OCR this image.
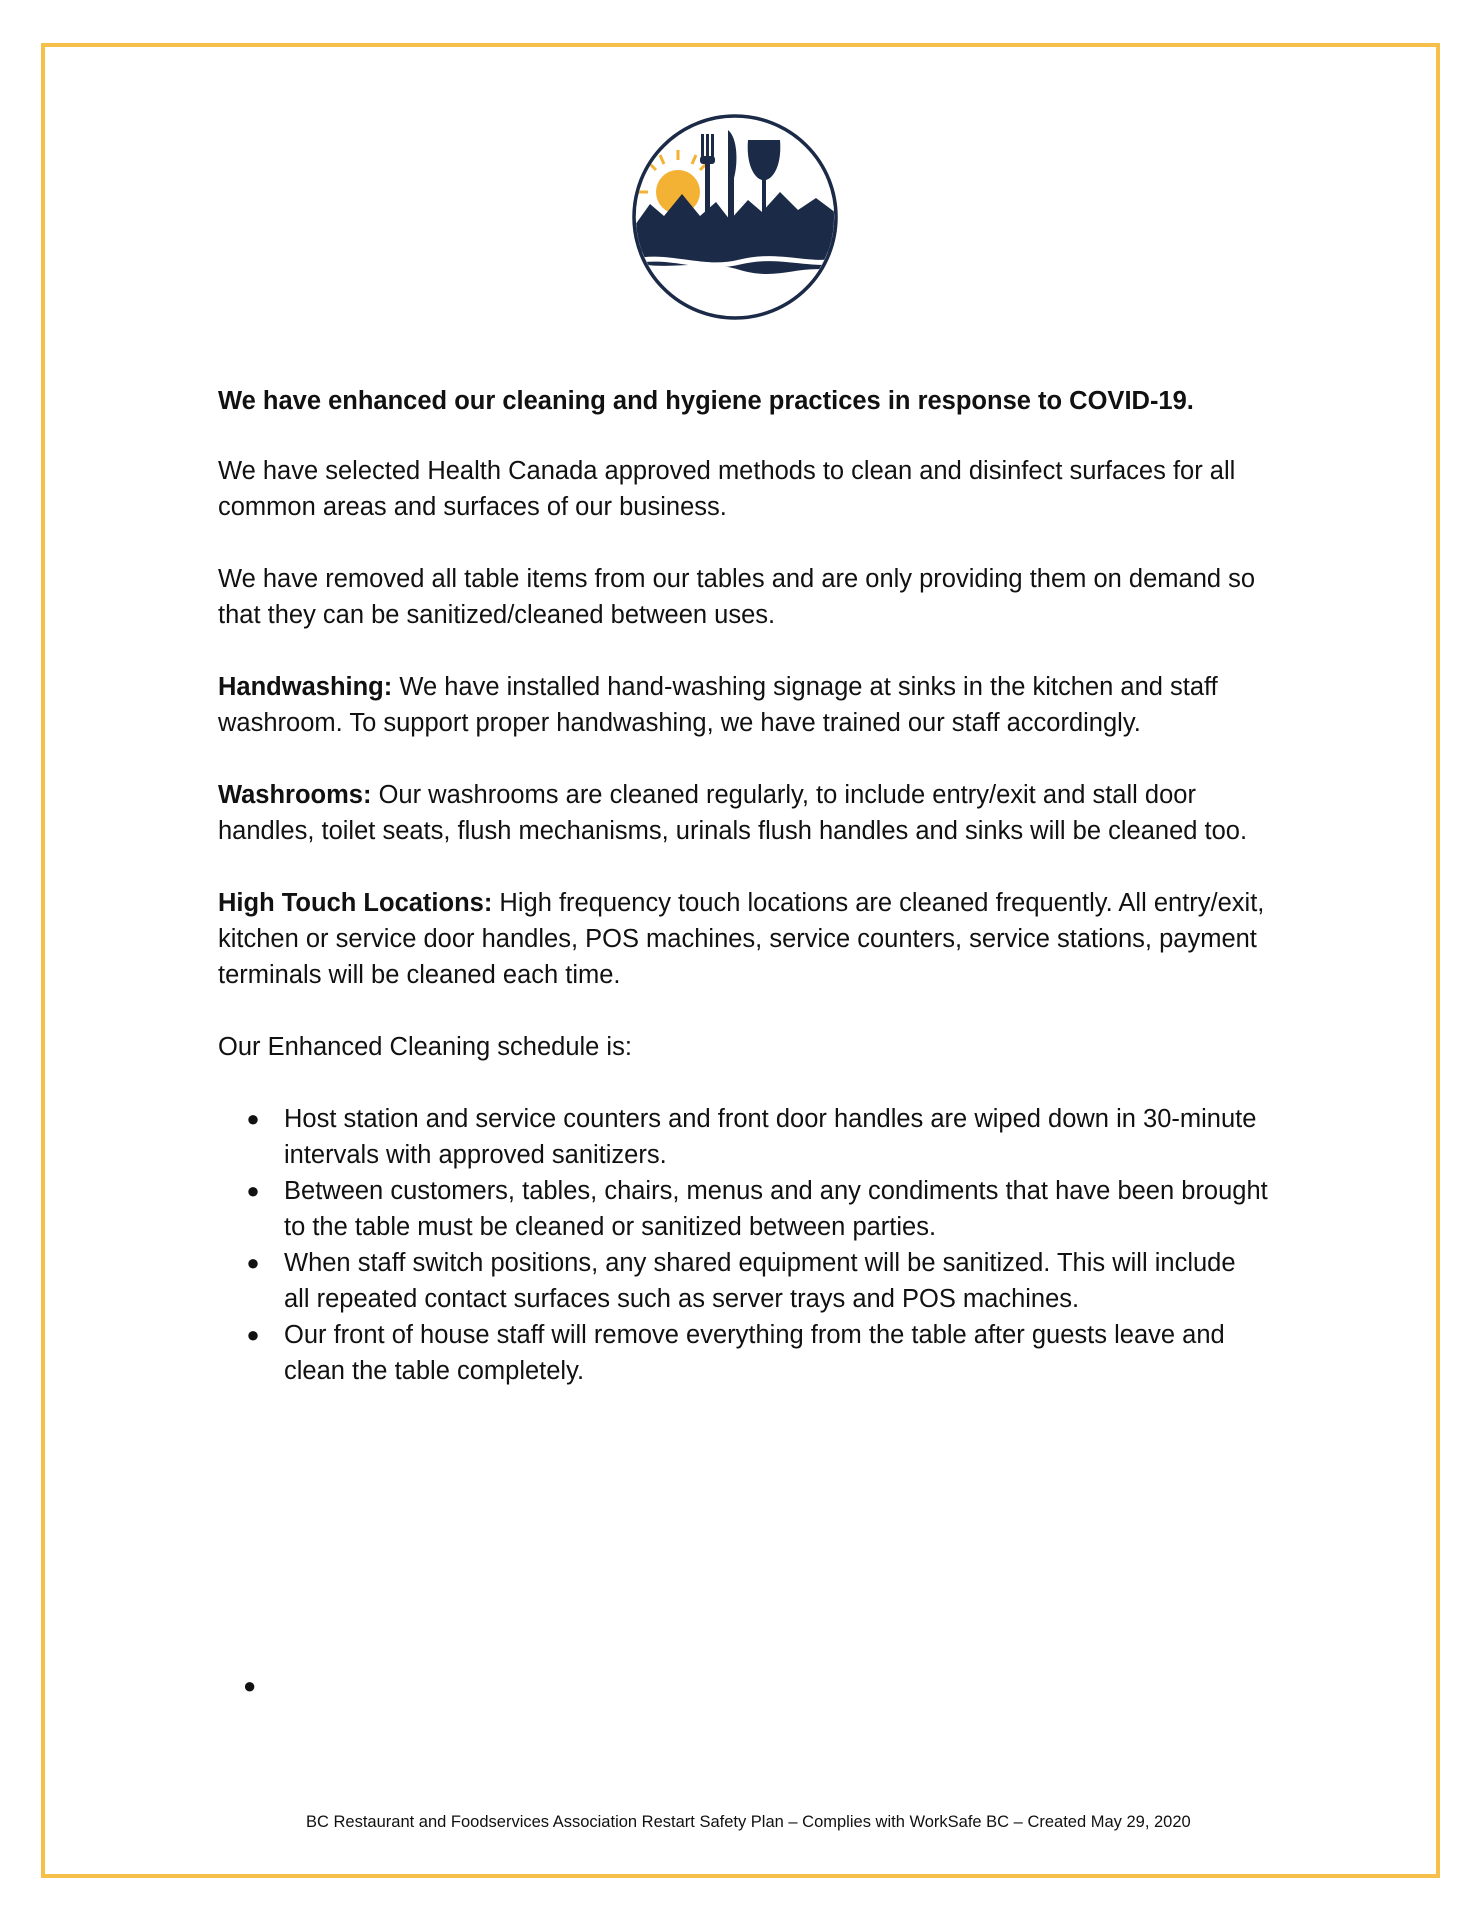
We have enhanced our cleaning and hygiene practices in response to COVID-19.

We have selected Health Canada approved methods to clean and disinfect surfaces for all common areas and surfaces of our business.

We have removed all table items from our tables and are only providing them on demand so that they can be sanitized/cleaned between uses.

Handwashing: We have installed hand-washing signage at sinks in the kitchen and staff washroom. To support proper handwashing, we have trained our staff accordingly.

Washrooms: Our washrooms are cleaned regularly, to include entry/exit and stall door handles, toilet seats, flush mechanisms, urinals flush handles and sinks will be cleaned too.

High Touch Locations: High frequency touch locations are cleaned frequently. All entry/exit, kitchen or service door handles, POS machines, service counters, service stations, payment terminals will be cleaned each time.

Our Enhanced Cleaning schedule is:

● Host station and service counters and front door handles are wiped down in 30-minute intervals with approved sanitizers.
● Between customers, tables, chairs, menus and any condiments that have been brought to the table must be cleaned or sanitized between parties.
● When staff switch positions, any shared equipment will be sanitized. This will include all repeated contact surfaces such as server trays and POS machines.
● Our front of house staff will remove everything from the table after guests leave and clean the table completely.
●
BC Restaurant and Foodservices Association Restart Safety Plan – Complies with WorkSafe BC – Created May 29, 2020
